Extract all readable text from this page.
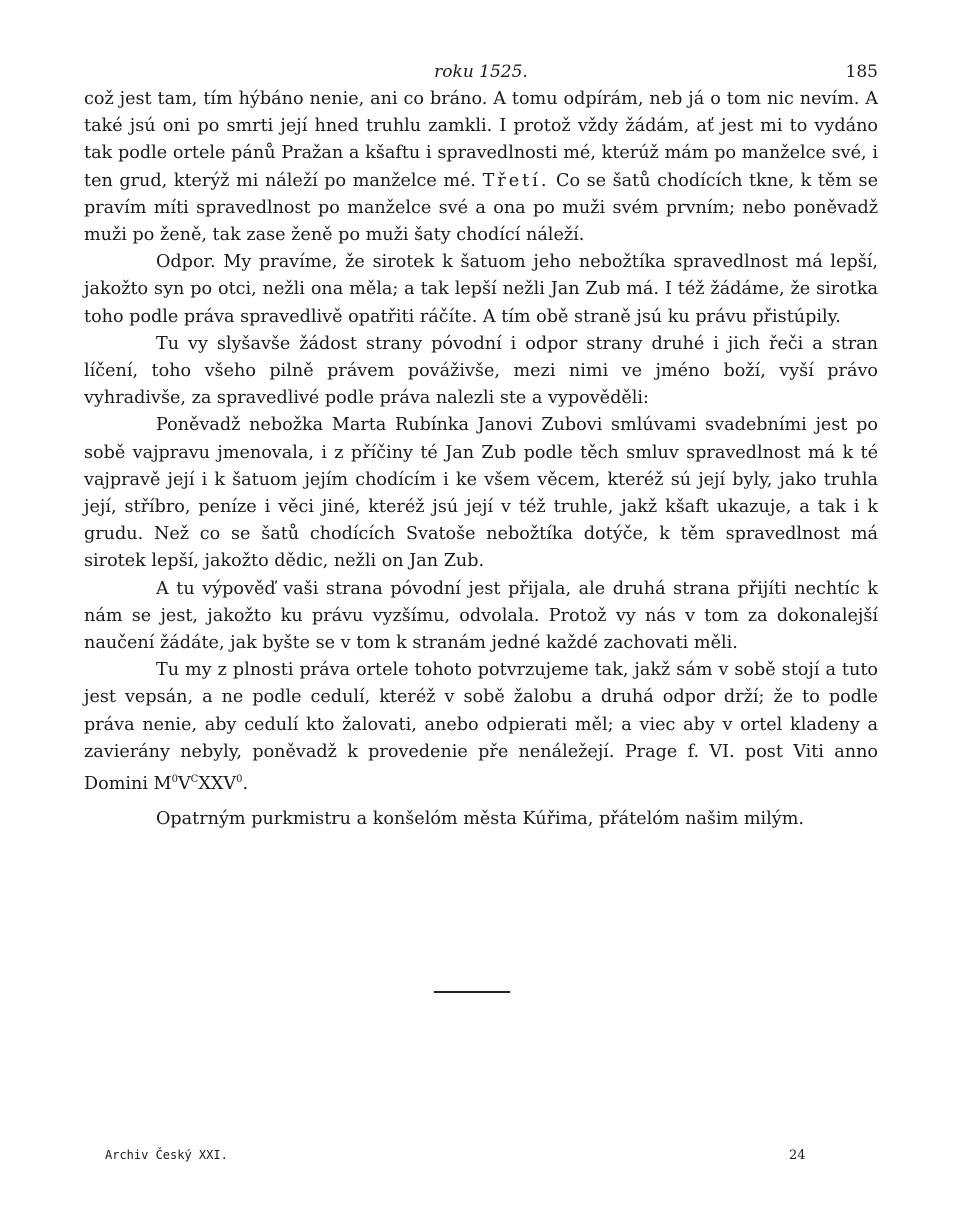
roku 1525.	185

což jest tam, tím hýbáno nenie, ani co bráno. A tomu odpírám, neb já o tom nic nevím. A také jsú oni po smrti její hned truhlu zamkli. I protož vždy žádám, ať jest mi to vydáno tak podle ortele pánů Pražan a kšaftu i spravedlnosti mé, kterúž mám po manželce své, i ten grud, kterýž mi náleží po manželce mé. Třetí. Co se šatů chodících tkne, k těm se pravím míti spravedlnost po manželce své a ona po muži svém prvním; nebo poněvadž muži po ženě, tak zase ženě po muži šaty chodící náleží.

Odpor. My pravíme, že sirotek k šatuom jeho nebožtíka spravedlnost má lepší, jakožto syn po otci, nežli ona měla; a tak lepší nežli Jan Zub má. I též žádáme, že sirotka toho podle práva spravedlivě opatřiti ráčíte. A tím obě straně jsú ku právu přistúpily.

Tu vy slyšavše žádost strany póvodní i odpor strany druhé i jich řeči a stran líčení, toho všeho pilně právem pováživše, mezi nimi ve jméno boží, vyší právo vyhradivše, za spravedlivé podle práva nalezli ste a vypověděli:

Poněvadž nebožka Marta Rubínka Janovi Zubovi smlúvami svadebními jest po sobě vajpravu jmenovala, i z příčiny té Jan Zub podle těch smluv spravedlnost má k té vajpravě její i k šatuom jejím chodícím i ke všem věcem, kteréž sú její byly, jako truhla její, stříbro, peníze i věci jiné, kteréž jsú její v též truhle, jakž kšaft ukazuje, a tak i k grudu. Než co se šatů chodících Svatoše nebožtíka dotýče, k těm spravedlnost má sirotek lepší, jakožto dědic, nežli on Jan Zub.

A tu výpověď vaši strana póvodní jest přijala, ale druhá strana přijíti nechtíc k nám se jest, jakožto ku právu vyzšímu, odvolala. Protož vy nás v tom za dokonalejší naučení žádáte, jak byšte se v tom k stranám jedné každé zachovati měli.

Tu my z plnosti práva ortele tohoto potvrzujeme tak, jakž sám v sobě stojí a tuto jest vepsán, a ne podle cedulí, kteréž v sobě žalobu a druhá odpor drží; že to podle práva nenie, aby cedulí kto žalovati, anebo odpierati měl; a viec aby v ortel kladeny a zavierány nebyly, poněvadž k provedenie pře nenáležejí. Prage f. VI. post Viti anno Domini $M^0V^CXXV^0$.

Opatrným purkmistru a konšelóm města Kúřima, přátelóm našim milým.

Archiv Český XXI.	24
